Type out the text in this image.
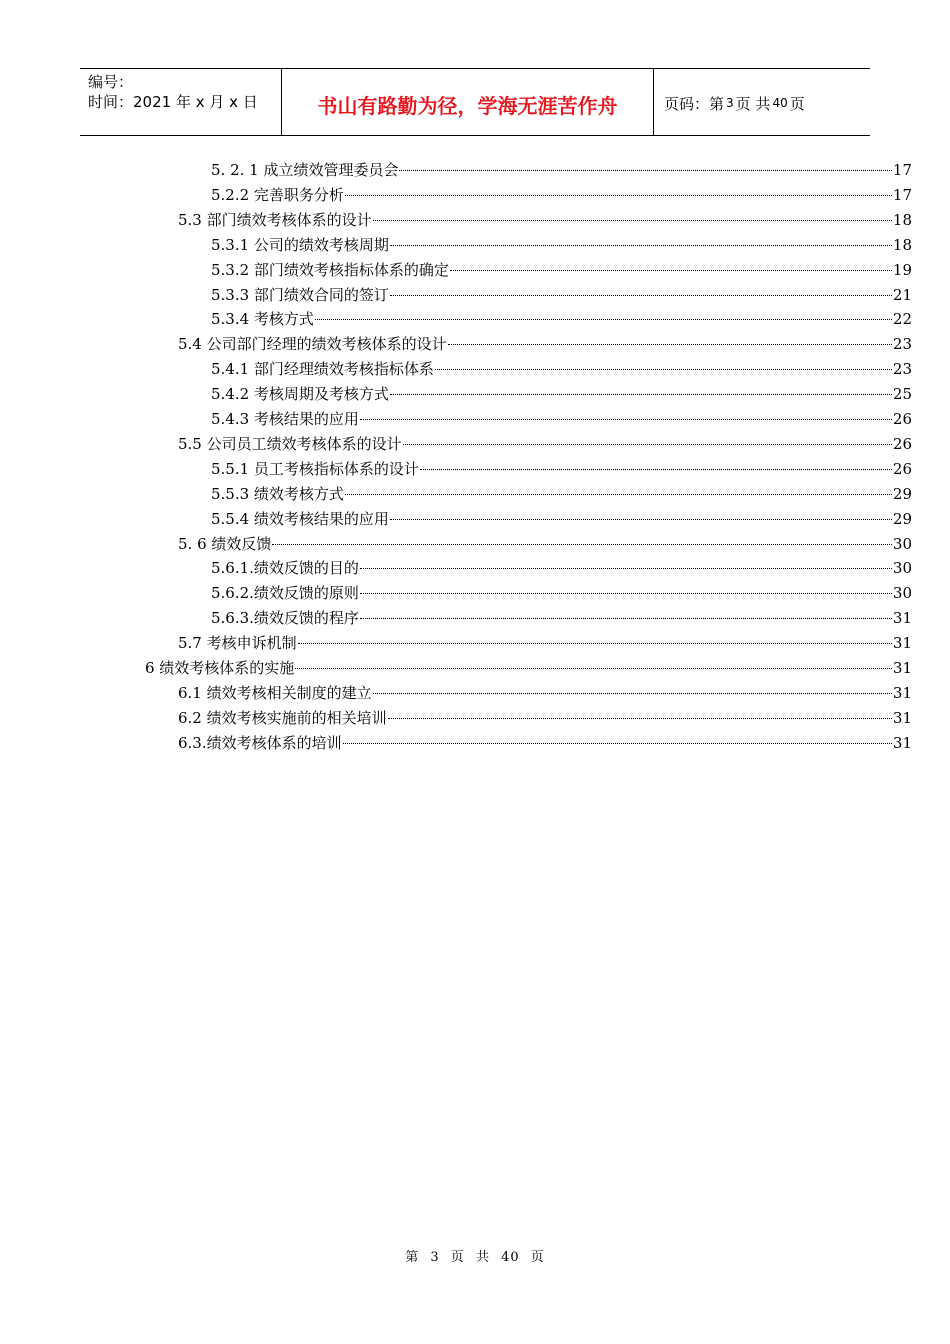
编号：
时间：2021 年 x 月 x 日	书山有路勤为径，学海无涯苦作舟	页码：第 3 页 共 40 页
5. 2. 1 成立绩效管理委员会	17
5.2.2 完善职务分析	17
5.3 部门绩效考核体系的设计	18
5.3.1 公司的绩效考核周期	18
5.3.2 部门绩效考核指标体系的确定	19
5.3.3 部门绩效合同的签订	21
5.3.4 考核方式	22
5.4 公司部门经理的绩效考核体系的设计	23
5.4.1 部门经理绩效考核指标体系	23
5.4.2 考核周期及考核方式	25
5.4.3 考核结果的应用	26
5.5 公司员工绩效考核体系的设计	26
5.5.1 员工考核指标体系的设计	26
5.5.3 绩效考核方式	29
5.5.4 绩效考核结果的应用	29
5. 6 绩效反馈	30
5.6.1.绩效反馈的目的	30
5.6.2.绩效反馈的原则	30
5.6.3.绩效反馈的程序	31
5.7 考核申诉机制	31
6 绩效考核体系的实施	31
6.1 绩效考核相关制度的建立	31
6.2 绩效考核实施前的相关培训	31
6.3.绩效考核体系的培训	31
第 3 页 共 40 页
